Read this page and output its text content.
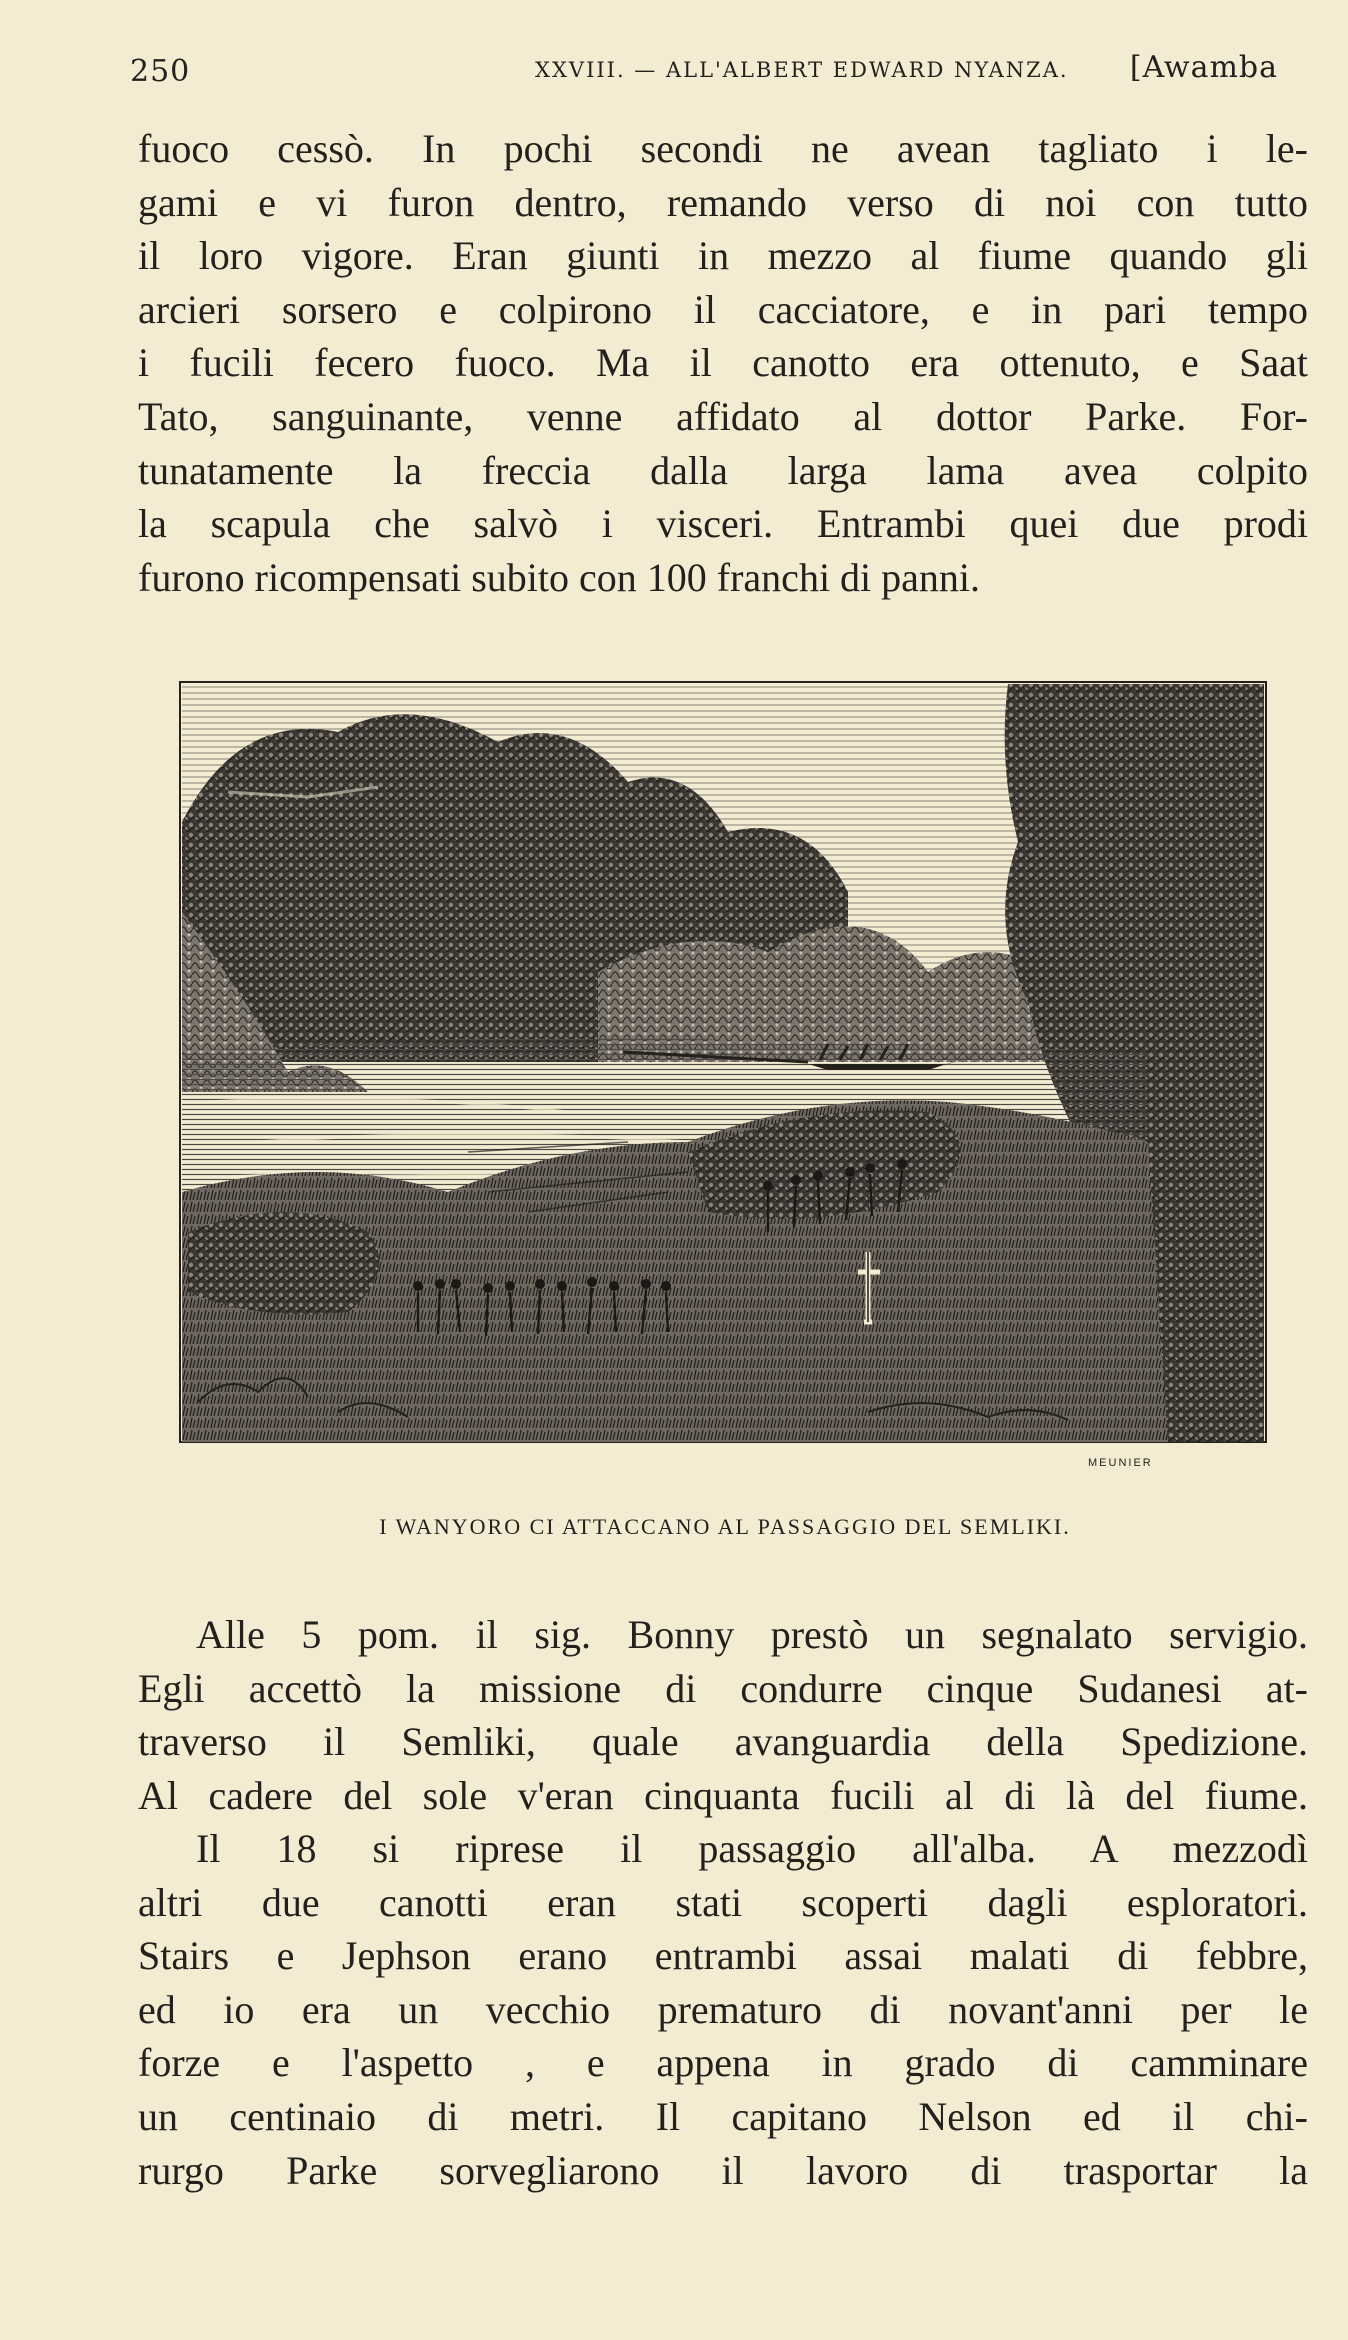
250	XXVIII. — ALL'ALBERT EDWARD NYANZA. [Awamba
fuoco cessò. In pochi secondi ne avean tagliato i le-
gami e vi furon dentro, remando verso di noi con tutto
il loro vigore. Eran giunti in mezzo al fiume quando gli
arcieri sorsero e colpirono il cacciatore, e in pari tempo
i fucili fecero fuoco. Ma il canotto era ottenuto, e Saat
Tato, sanguinante, venne affidato al dottor Parke. For-
tunatamente la freccia dalla larga lama avea colpito
la scapula che salvò i visceri. Entrambi quei due prodi
furono ricompensati subito con 100 franchi di panni.
MEUNIER
I WANYORO CI ATTACCANO AL PASSAGGIO DEL SEMLIKI.
Alle 5 pom. il sig. Bonny prestò un segnalato servigio.
Egli accettò la missione di condurre cinque Sudanesi at-
traverso il Semliki, quale avanguardia della Spedizione.
Al cadere del sole v'eran cinquanta fucili al di là del fiume.
Il 18 si riprese il passaggio all'alba. A mezzodì
altri due canotti eran stati scoperti dagli esploratori.
Stairs e Jephson erano entrambi assai malati di febbre,
ed io era un vecchio prematuro di novant'anni per le
forze e l'aspetto , e appena in grado di camminare
un centinaio di metri. Il capitano Nelson ed il chi-
rurgo Parke sorvegliarono il lavoro di trasportar la
